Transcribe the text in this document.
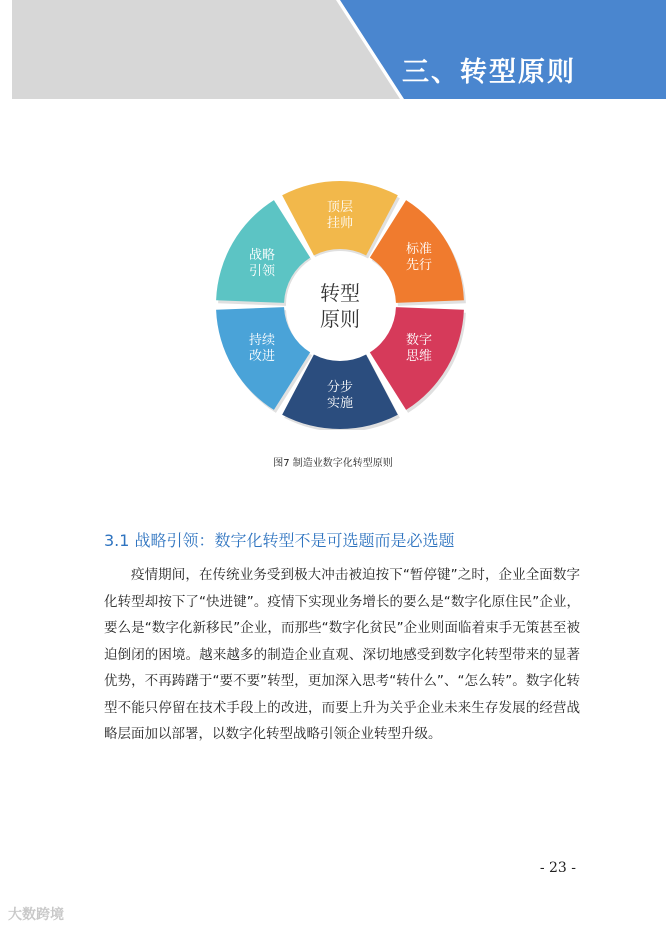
三、转型原则
顶层
挂帅
标准
先行
数字
思维
分步
实施
持续
改进
战略
引领
转型
原则
图7 制造业数字化转型原则
3.1 战略引领：数字化转型不是可选题而是必选题

疫情期间，在传统业务受到极大冲击被迫按下“暂停键”之时，企业全面数字化转型却按下了“快进键”。疫情下实现业务增长的要么是“数字化原住民”企业，要么是“数字化新移民”企业，而那些“数字化贫民”企业则面临着束手无策甚至被迫倒闭的困境。越来越多的制造企业直观、深切地感受到数字化转型带来的显著优势，不再踌躇于“要不要”转型，更加深入思考“转什么”、“怎么转”。数字化转型不能只停留在技术手段上的改进，而要上升为关乎企业未来生存发展的经营战略层面加以部署，以数字化转型战略引领企业转型升级。

- 23 -
大数跨境
